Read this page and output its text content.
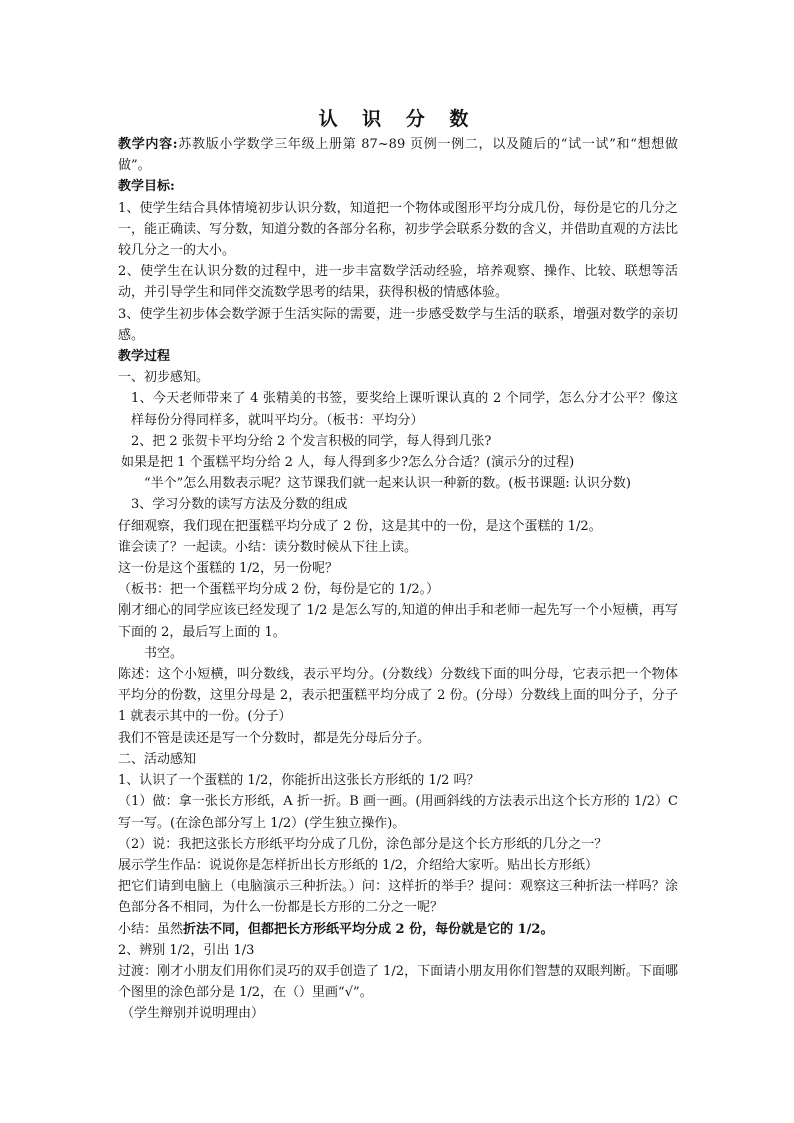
认 识 分 数

教学内容:苏教版小学数学三年级上册第 87~89 页例一例二，以及随后的“试一试”和“想想做做”。

教学目标:

1、使学生结合具体情境初步认识分数，知道把一个物体或图形平均分成几份，每份是它的几分之一，能正确读、写分数，知道分数的各部分名称，初步学会联系分数的含义，并借助直观的方法比较几分之一的大小。

2、使学生在认识分数的过程中，进一步丰富数学活动经验，培养观察、操作、比较、联想等活动，并引导学生和同伴交流数学思考的结果，获得积极的情感体验。

3、使学生初步体会数学源于生活实际的需要，进一步感受数学与生活的联系，增强对数学的亲切感。

教学过程

一、初步感知。

1、今天老师带来了 4 张精美的书签，要奖给上课听课认真的 2 个同学，怎么分才公平？像这样每份分得同样多，就叫平均分。（板书：平均分）

2、把 2 张贺卡平均分给 2 个发言积极的同学，每人得到几张?

如果是把 1 个蛋糕平均分给 2 人，每人得到多少?怎么分合适？(演示分的过程)

“半个”怎么用数表示呢？这节课我们就一起来认识一种新的数。(板书课题: 认识分数)

3、学习分数的读写方法及分数的组成

仔细观察，我们现在把蛋糕平均分成了 2 份，这是其中的一份，是这个蛋糕的 1/2。

谁会读了？一起读。小结：读分数时候从下往上读。

这一份是这个蛋糕的 1/2，另一份呢？

（板书：把一个蛋糕平均分成 2 份，每份是它的 1/2。）

刚才细心的同学应该已经发现了 1/2 是怎么写的,知道的伸出手和老师一起先写一个小短横，再写下面的 2，最后写上面的 1。

书空。

陈述：这个小短横，叫分数线，表示平均分。(分数线）分数线下面的叫分母，它表示把一个物体平均分的份数，这里分母是 2，表示把蛋糕平均分成了 2 份。(分母）分数线上面的叫分子，分子 1 就表示其中的一份。(分子）

我们不管是读还是写一个分数时，都是先分母后分子。

二、活动感知

1、认识了一个蛋糕的 1/2，你能折出这张长方形纸的 1/2 吗？

（1）做：拿一张长方形纸，A 折一折。B 画一画。(用画斜线的方法表示出这个长方形的 1/2）C 写一写。(在涂色部分写上 1/2）(学生独立操作)。

（2）说：我把这张长方形纸平均分成了几份，涂色部分是这个长方形纸的几分之一？

展示学生作品：说说你是怎样折出长方形纸的 1/2，介绍给大家听。贴出长方形纸）

把它们请到电脑上（电脑演示三种折法。）问：这样折的举手？提问：观察这三种折法一样吗？涂色部分各不相同，为什么一份都是长方形的二分之一呢？

小结：虽然折法不同，但都把长方形纸平均分成 2 份，每份就是它的 1/2。

2、辨别 1/2，引出 1/3

过渡：刚才小朋友们用你们灵巧的双手创造了 1/2，下面请小朋友用你们智慧的双眼判断。下面哪个图里的涂色部分是 1/2，在（）里画“√”。

（学生辩别并说明理由）
